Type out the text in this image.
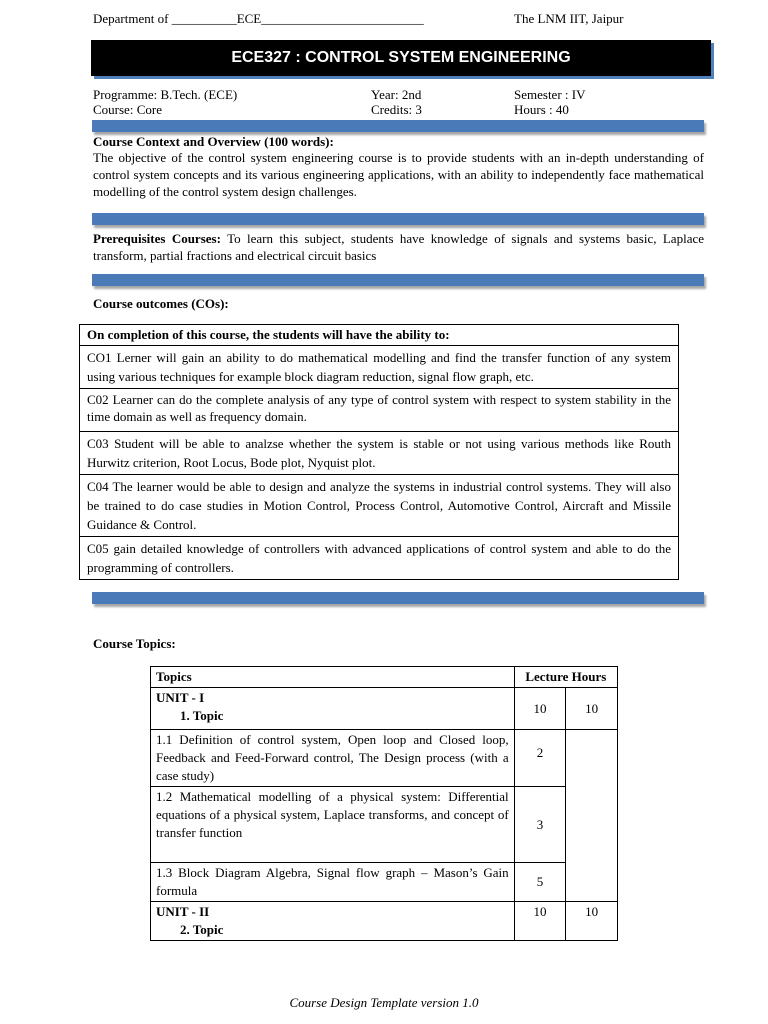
Department of __________ECE_________________________	The LNM IIT, Jaipur
ECE327 : CONTROL SYSTEM ENGINEERING
Programme: B.Tech. (ECE)	Year: 2nd	Semester : IV
Course: Core	Credits: 3	Hours : 40
Course Context and Overview (100 words):
The objective of the control system engineering course is to provide students with an in-depth understanding of control system concepts and its various engineering applications, with an ability to independently face mathematical modelling of the control system design challenges.
Prerequisites Courses: To learn this subject, students have knowledge of signals and systems basic, Laplace transform, partial fractions and electrical circuit basics
Course outcomes (COs):
On completion of this course, the students will have the ability to:
CO1 Lerner will gain an ability to do mathematical modelling and find the transfer function of any system using various techniques for example block diagram reduction, signal flow graph, etc.
C02 Learner can do the complete analysis of any type of control system with respect to system stability in the time domain as well as frequency domain.
C03 Student will be able to analzse whether the system is stable or not using various methods like Routh Hurwitz criterion, Root Locus, Bode plot, Nyquist plot.
C04 The learner would be able to design and analyze the systems in industrial control systems. They will also be trained to do case studies in Motion Control, Process Control, Automotive Control, Aircraft and Missile Guidance & Control.
C05 gain detailed knowledge of controllers with advanced applications of control system and able to do the programming of controllers.
Course Topics:
Topics	Lecture Hours	

UNIT - I
1. Topic	10	10
1.1 Definition of control system, Open loop and Closed loop, Feedback and Feed-Forward control, The Design process (with a case study)	2	
1.2 Mathematical modelling of a physical system: Differential equations of a physical system, Laplace transforms, and concept of transfer function	3	
1.3 Block Diagram Algebra, Signal flow graph – Mason’s Gain formula	5	

UNIT - II
2. Topic	10	10
Course Design Template version 1.0
